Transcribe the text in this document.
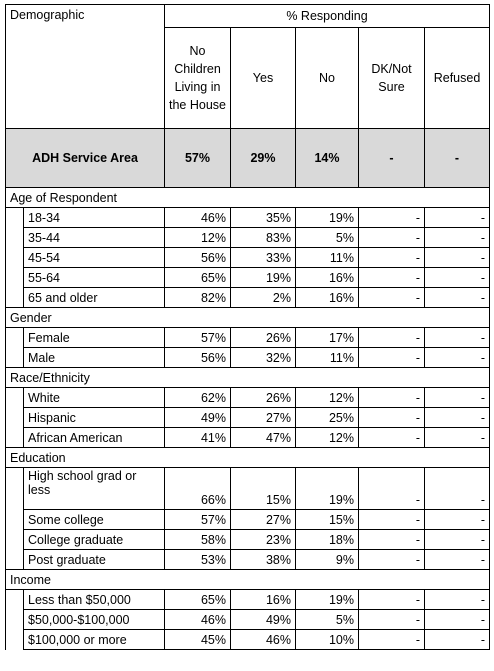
Demographic		% Responding				
		No Children Living in the House	Yes	No	DK/Not Sure	Refused
ADH Service Area		57%	29%	14%	-	-
Age of Respondent						
	18-34	46%	35%	19%	-	-
	35-44	12%	83%	5%	-	-
	45-54	56%	33%	11%	-	-
	55-64	65%	19%	16%	-	-
	65 and older	82%	2%	16%	-	-
Gender						
	Female	57%	26%	17%	-	-
	Male	56%	32%	11%	-	-
Race/Ethnicity						
	White	62%	26%	12%	-	-
	Hispanic	49%	27%	25%	-	-
	African American	41%	47%	12%	-	-
Education						
	High school grad or less	66%	15%	19%	-	-
	Some college	57%	27%	15%	-	-
	College graduate	58%	23%	18%	-	-
	Post graduate	53%	38%	9%	-	-
Income						
	Less than $50,000	65%	16%	19%	-	-
	$50,000-$100,000	46%	49%	5%	-	-
	$100,000 or more	45%	46%	10%	-	-
